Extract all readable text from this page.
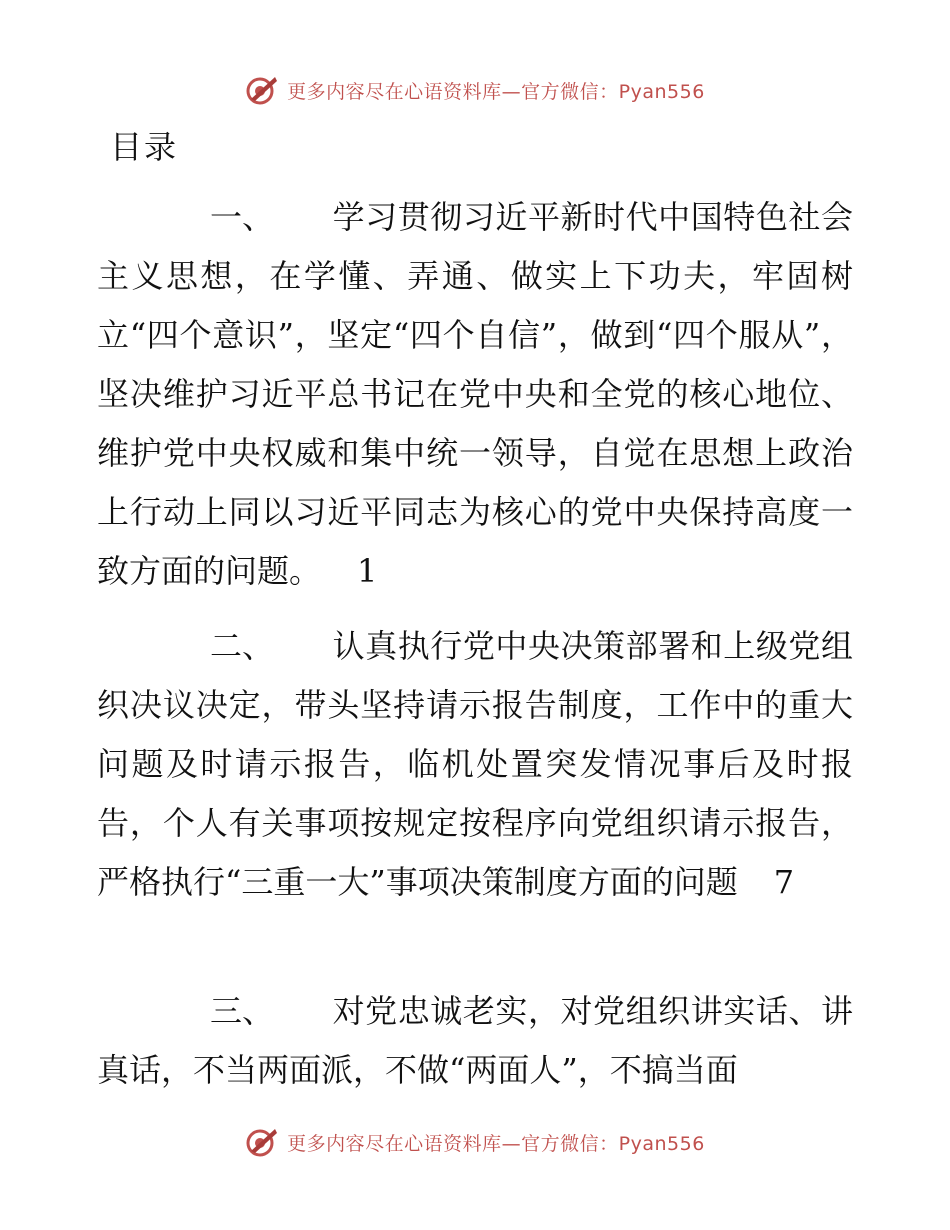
更多内容尽在心语资料库—官方微信：Pyan556
目录

一、 学习贯彻习近平新时代中国特色社会主义思想，在学懂、弄通、做实上下功夫，牢固树立“四个意识”，坚定“四个自信”，做到“四个服从”，坚决维护习近平总书记在党中央和全党的核心地位、维护党中央权威和集中统一领导，自觉在思想上政治上行动上同以习近平同志为核心的党中央保持高度一致方面的问题。 1

二、 认真执行党中央决策部署和上级党组织决议决定，带头坚持请示报告制度，工作中的重大问题及时请示报告，临机处置突发情况事后及时报告，个人有关事项按规定按程序向党组织请示报告，严格执行“三重一大”事项决策制度方面的问题 7

三、 对党忠诚老实，对党组织讲实话、讲真话，不当两面派，不做“两面人”，不搞当面

更多内容尽在心语资料库—官方微信：Pyan556
